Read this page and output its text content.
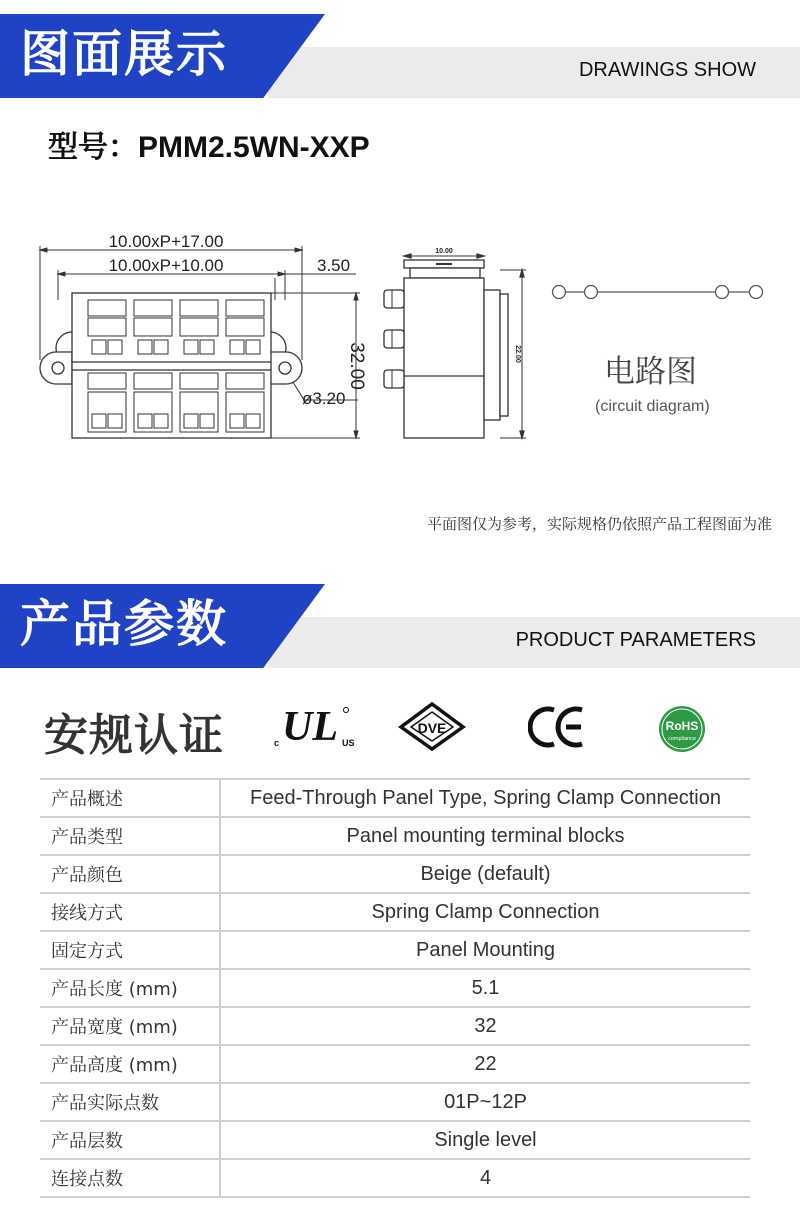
图面展示	DRAWINGS SHOW
型号：PMM2.5WN-XXP
10.00xP+17.00
10.00xP+10.00	3.50
ø3.20
32.00
10.00
22.00	电路图
(circuit diagram)
平面图仅为参考，实际规格仍依照产品工程图面为准
产品参数	PRODUCT PARAMETERS
安规认证	c UL US
DVE	RoHS
compliance
产品概述	Feed-Through Panel Type, Spring Clamp Connection
产品类型	Panel mounting terminal blocks
产品颜色	Beige (default)
接线方式	Spring Clamp Connection
固定方式	Panel Mounting
产品长度 (mm)	5.1
产品宽度 (mm)	32
产品高度 (mm)	22
产品实际点数	01P~12P
产品层数	Single level
连接点数	4
